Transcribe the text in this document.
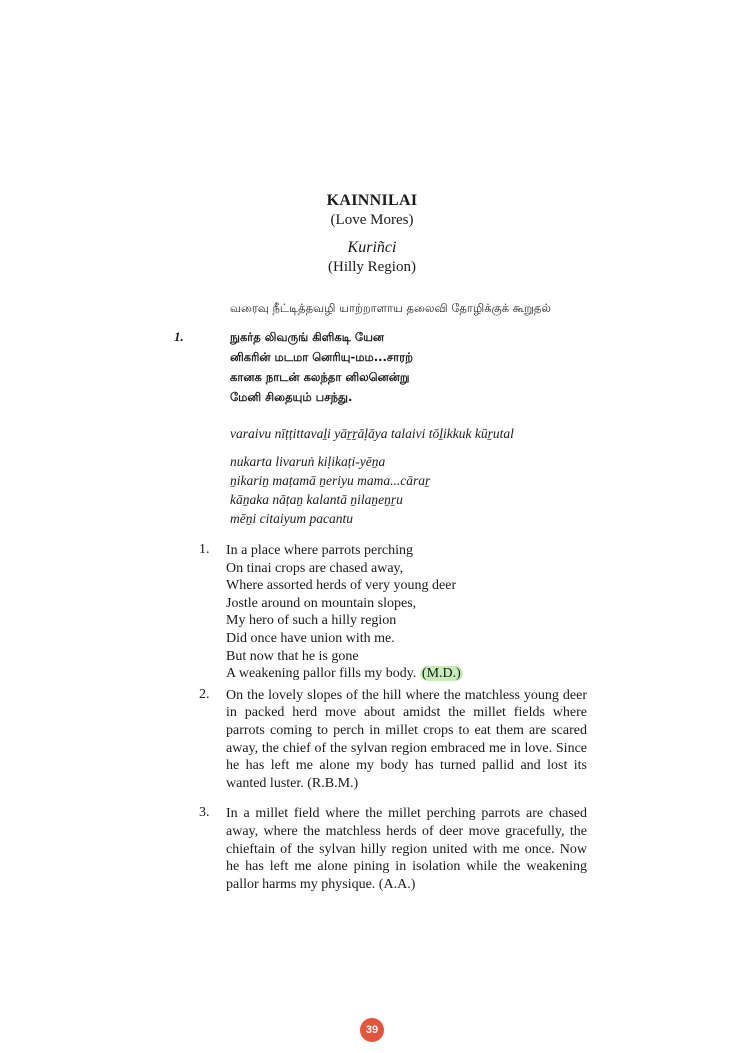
KAINNILAI
(Love Mores)
Kuriñci
(Hilly Region)
வரைவு நீட்டித்தவழி யாற்றாளாய தலைவி தோழிக்குக் கூறுதல்
1.	நுகர்த லிவருங் கிளிகடி யேன
னிகரின் மடமா னெரியு-மம...சாரற்
கானக நாடன் கலந்தா னிலனென்று
மேனி சிதையும் பசந்து.
varaivu nīṭṭittavaḻi yāṟṟāḷāya talaivi tōḻikkuk kūṟutal
nukarta livaruṅ kiḷikaṭi-yēṉa
ṉikariṉ maṭamā ṉeriyu mama...cāraṟ
kāṉaka nāṭaṉ kalantā ṉilaṉeṉṟu
mēṉi citaiyum pacantu
1. In a place where parrots perching
On tinai crops are chased away,
Where assorted herds of very young deer
Jostle around on mountain slopes,
My hero of such a hilly region
Did once have union with me.
But now that he is gone
A weakening pallor fills my body. (M.D.)
2. On the lovely slopes of the hill where the matchless young deer in packed herd move about amidst the millet fields where parrots coming to perch in millet crops to eat them are scared away, the chief of the sylvan region embraced me in love. Since he has left me alone my body has turned pallid and lost its wanted luster. (R.B.M.)
3. In a millet field where the millet perching parrots are chased away, where the matchless herds of deer move gracefully, the chieftain of the sylvan hilly region united with me once. Now he has left me alone pining in isolation while the weakening pallor harms my physique. (A.A.)
39
